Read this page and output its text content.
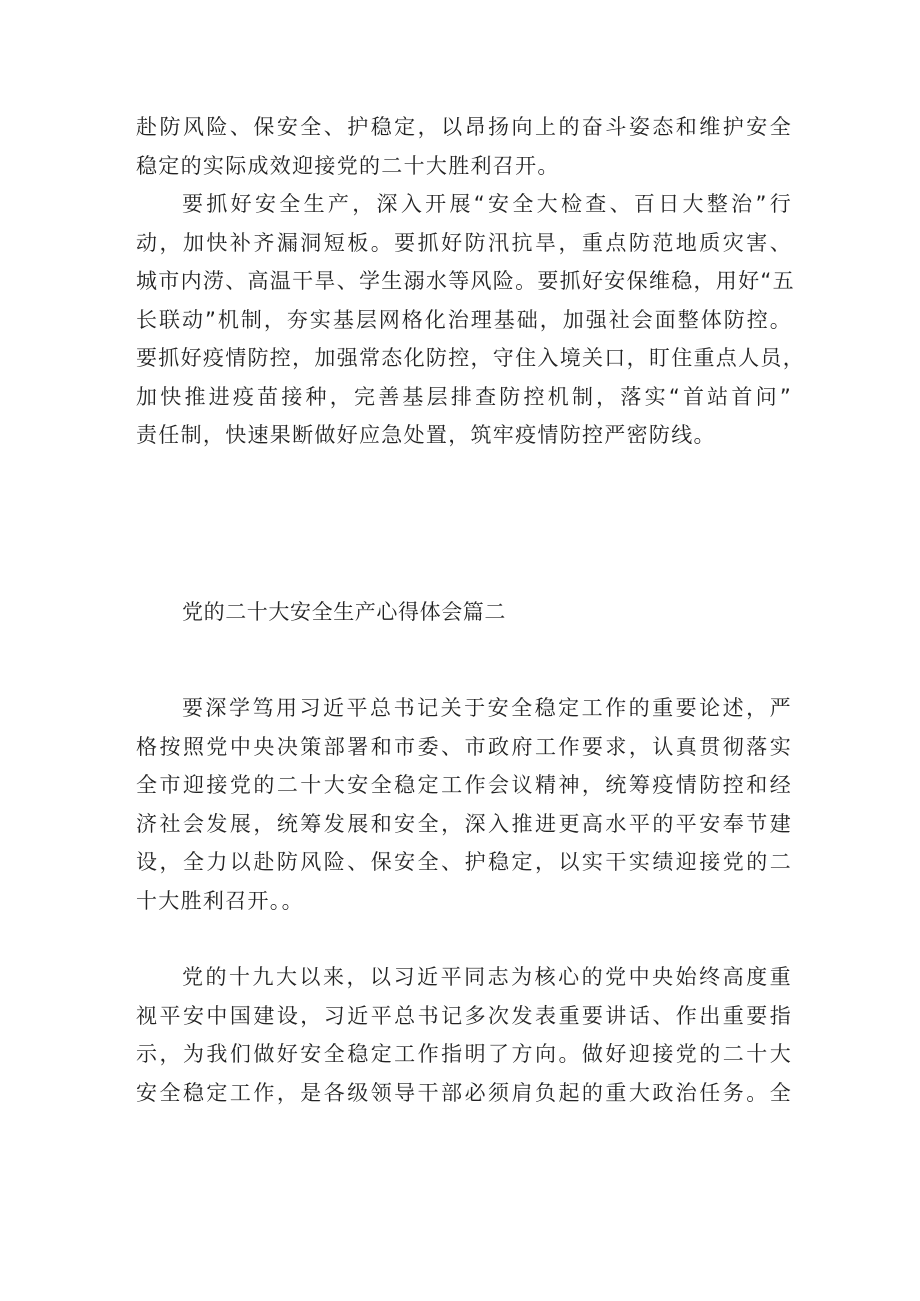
赴防风险、保安全、护稳定，以昂扬向上的奋斗姿态和维护安全
稳定的实际成效迎接党的二十大胜利召开。
要抓好安全生产，深入开展“安全大检查、百日大整治”行
动，加快补齐漏洞短板。要抓好防汛抗旱，重点防范地质灾害、
城市内涝、高温干旱、学生溺水等风险。要抓好安保维稳，用好“五
长联动”机制，夯实基层网格化治理基础，加强社会面整体防控。
要抓好疫情防控，加强常态化防控，守住入境关口，盯住重点人员，
加快推进疫苗接种，完善基层排查防控机制，落实“首站首问”
责任制，快速果断做好应急处置，筑牢疫情防控严密防线。
党的二十大安全生产心得体会篇二
要深学笃用习近平总书记关于安全稳定工作的重要论述，严
格按照党中央决策部署和市委、市政府工作要求，认真贯彻落实
全市迎接党的二十大安全稳定工作会议精神，统筹疫情防控和经
济社会发展，统筹发展和安全，深入推进更高水平的平安奉节建
设，全力以赴防风险、保安全、护稳定，以实干实绩迎接党的二
十大胜利召开。。
党的十九大以来，以习近平同志为核心的党中央始终高度重
视平安中国建设，习近平总书记多次发表重要讲话、作出重要指
示，为我们做好安全稳定工作指明了方向。做好迎接党的二十大
安全稳定工作，是各级领导干部必须肩负起的重大政治任务。全
